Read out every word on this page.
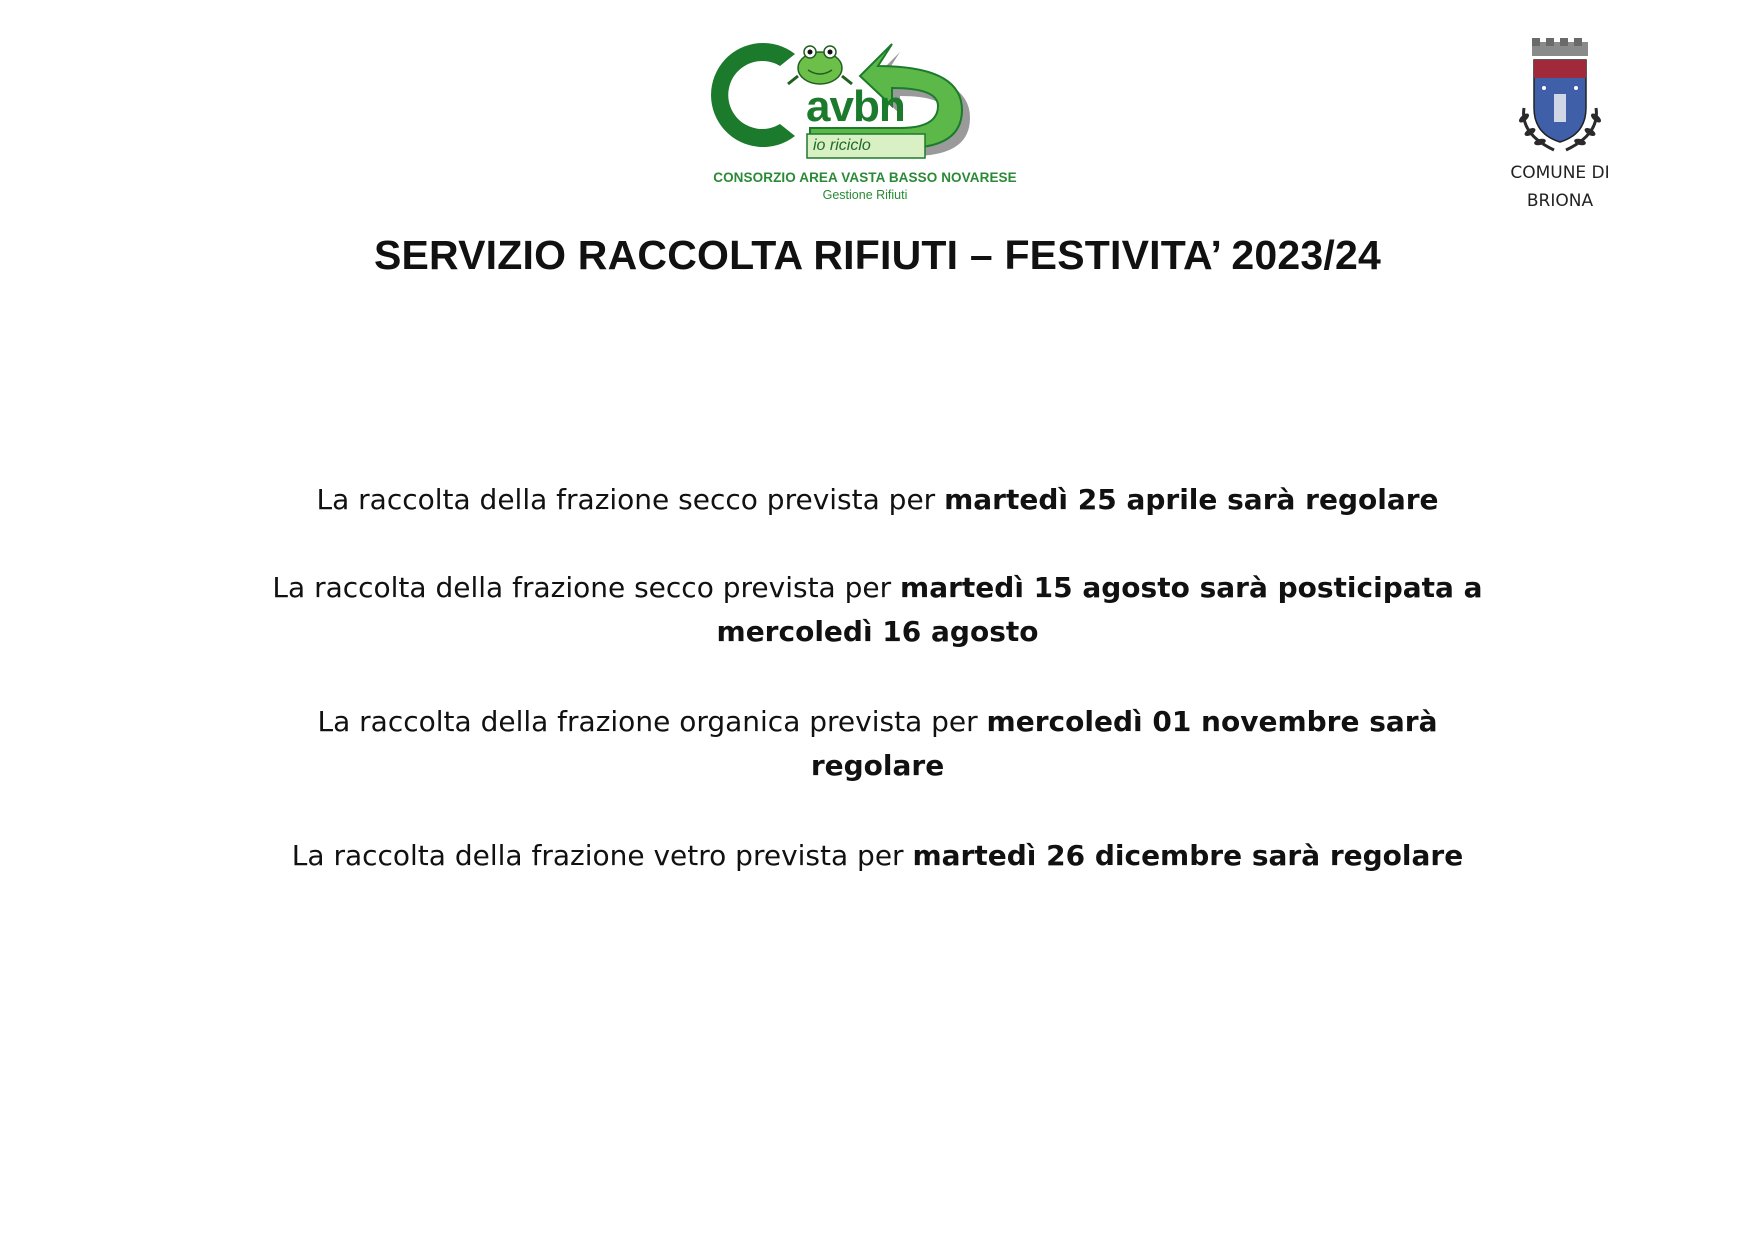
avbn
io riciclo
CONSORZIO AREA VASTA BASSO NOVARESE
Gestione Rifiuti
COMUNE DI
BRIONA
SERVIZIO RACCOLTA RIFIUTI – FESTIVITA’ 2023/24
La raccolta della frazione secco prevista per martedì 25 aprile sarà regolare
La raccolta della frazione secco prevista per martedì 15 agosto sarà posticipata a mercoledì 16 agosto
La raccolta della frazione organica prevista per mercoledì 01 novembre sarà regolare
La raccolta della frazione vetro prevista per martedì 26 dicembre sarà regolare
